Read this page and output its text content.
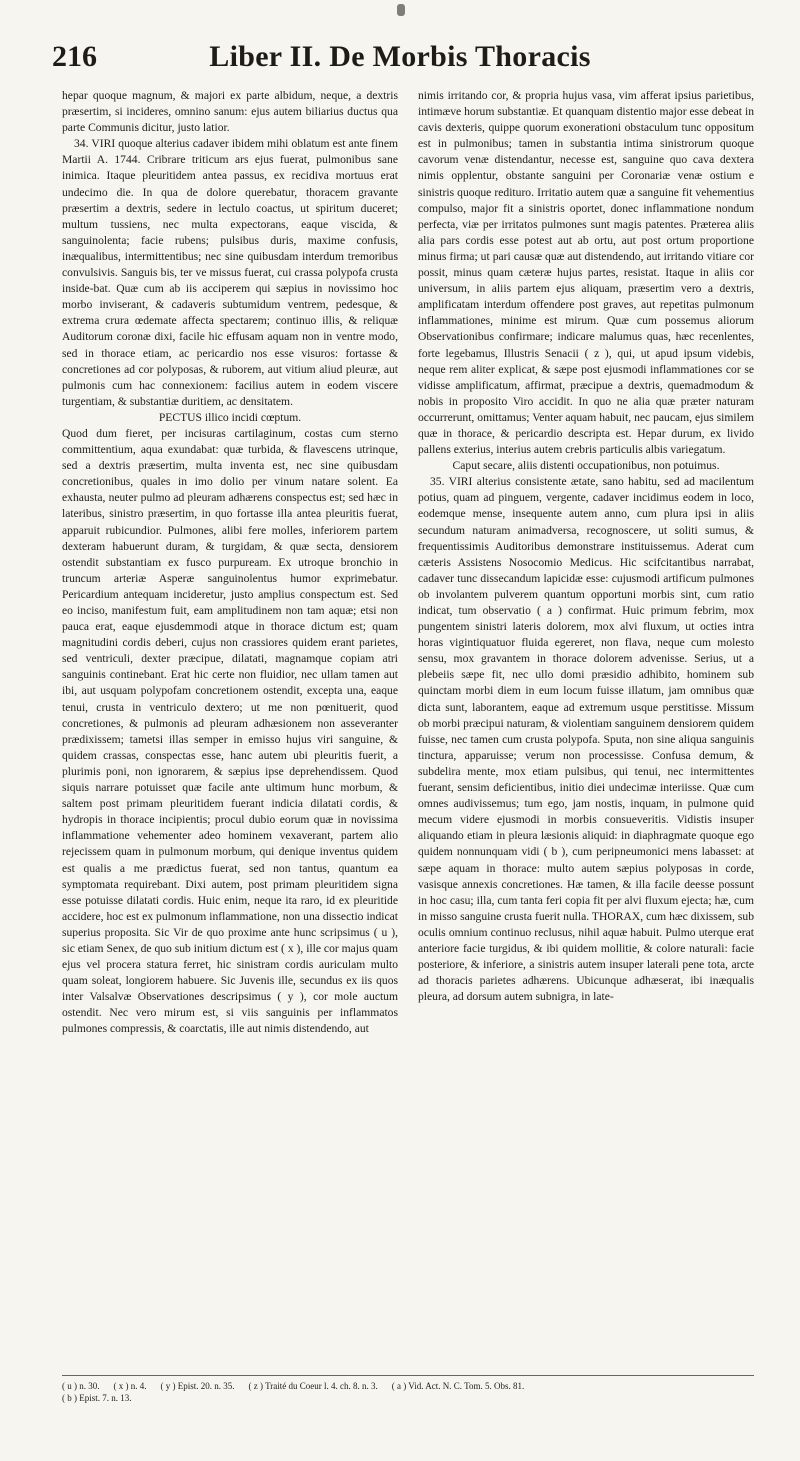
216	Liber II. De Morbis Thoracis

hepar quoque magnum, & majori ex parte albidum, neque, a dextris præsertim, si incideres, omnino sanum: ejus autem biliarius ductus qua parte Communis dicitur, justo latior.

34. VIRI quoque alterius cadaver ibidem mihi oblatum est ante finem Martii A. 1744. Cribrare triticum ars ejus fuerat, pulmonibus sane inimica. Itaque pleuritidem antea passus, ex recidiva mortuus erat undecimo die. In qua de dolore querebatur, thoracem gravante præsertim a dextris, sedere in lectulo coactus, ut spiritum duceret; multum tussiens, nec multa expectorans, eaque viscida, & sanguinolenta; facie rubens; pulsibus duris, maxime confusis, inæqualibus, intermittentibus; nec sine quibusdam interdum tremoribus convulsivis. Sanguis bis, ter ve missus fuerat, cui crassa polypofa crusta inside-bat. Quæ cum ab iis acciperem qui sæpius in novissimo hoc morbo inviserant, & cadaveris subtumidum ventrem, pedesque, & extrema crura œdemate affecta spectarem; continuo illis, & reliquæ Auditorum coronæ dixi, facile hic effusam aquam non in ventre modo, sed in thorace etiam, ac pericardio nos esse visuros: fortasse & concretiones ad cor polyposas, & ruborem, aut vitium aliud pleuræ, aut pulmonis cum hac connexionem: facilius autem in eodem viscere turgentiam, & substantiæ duritiem, ac densitatem.

PECTUS illico incidi cœptum.

Quod dum fieret, per incisuras cartilaginum, costas cum sterno committentium, aqua exundabat: quæ turbida, & flavescens utrinque, sed a dextris præsertim, multa inventa est, nec sine quibusdam concretionibus, quales in imo dolio per vinum natare solent. Ea exhausta, neuter pulmo ad pleuram adhærens conspectus est; sed hæc in lateribus, sinistro præsertim, in quo fortasse illa antea pleuritis fuerat, apparuit rubicundior. Pulmones, alibi fere molles, inferiorem partem dexteram habuerunt duram, & turgidam, & quæ secta, densiorem ostendit substantiam ex fusco purpuream. Ex utroque bronchio in truncum arteriæ Asperæ sanguinolentus humor exprimebatur. Pericardium antequam incideretur, justo amplius conspectum est. Sed eo inciso, manifestum fuit, eam amplitudinem non tam aquæ; etsi non pauca erat, eaque ejusdemmodi atque in thorace dictum est; quam magnitudini cordis deberi, cujus non crassiores quidem erant parietes, sed ventriculi, dexter præcipue, dilatati, magnamque copiam atri sanguinis continebant. Erat hic certe non fluidior, nec ullam tamen aut ibi, aut usquam polypofam concretionem ostendit, excepta una, eaque tenui, crusta in ventriculo dextero; ut me non pœnituerit, quod concretiones, & pulmonis ad pleuram adhæsionem non asseveranter prædixissem; tametsi illas semper in emisso hujus viri sanguine, & quidem crassas, conspectas esse, hanc autem ubi pleuritis fuerit, a plurimis poni, non ignorarem, & sæpius ipse deprehendissem. Quod siquis narrare potuisset quæ facile ante ultimum hunc morbum, & saltem post primam pleuritidem fuerant indicia dilatati cordis, & hydropis in thorace incipientis; procul dubio eorum quæ in novissima inflammatione vehementer adeo hominem vexaverant, partem alio rejecissem quam in pulmonum morbum, qui denique inventus quidem est qualis a me prædictus fuerat, sed non tantus, quantum ea symptomata requirebant. Dixi autem, post primam pleuritidem signa esse potuisse dilatati cordis. Huic enim, neque ita raro, id ex pleuritide accidere, hoc est ex pulmonum inflammatione, non una dissectio indicat superius proposita. Sic Vir de quo proxime ante hunc scripsimus ( u ), sic etiam Senex, de quo sub initium dictum est ( x ), ille cor majus quam ejus vel procera statura ferret, hic sinistram cordis auriculam multo quam soleat, longiorem habuere. Sic Juvenis ille, secundus ex iis quos inter Valsalvæ Observationes descripsimus ( y ), cor mole auctum ostendit. Nec vero mirum est, si viis sanguinis per inflammatos pulmones compressis, & coarctatis, ille aut nimis distendendo, aut

nimis irritando cor, & propria hujus vasa, vim afferat ipsius parietibus, intimæve horum substantiæ. Et quanquam distentio major esse debeat in cavis dexteris, quippe quorum exonerationi obstaculum tunc oppositum est in pulmonibus; tamen in substantia intima sinistrorum quoque cavorum venæ distendantur, necesse est, sanguine quo cava dextera nimis opplentur, obstante sanguini per Coronariæ venæ ostium e sinistris quoque redituro. Irritatio autem quæ a sanguine fit vehementius compulso, major fit a sinistris oportet, donec inflammatione nondum perfecta, viæ per irritatos pulmones sunt magis patentes. Præterea aliis alia pars cordis esse potest aut ab ortu, aut post ortum proportione minus firma; ut pari causæ quæ aut distendendo, aut irritando vitiare cor possit, minus quam cæteræ hujus partes, resistat. Itaque in aliis cor universum, in aliis partem ejus aliquam, præsertim vero a dextris, amplificatam interdum offendere post graves, aut repetitas pulmonum inflammationes, minime est mirum. Quæ cum possemus aliorum Observationibus confirmare; indicare malumus quas, hæc recenlentes, forte legebamus, Illustris Senacii ( z ), qui, ut apud ipsum videbis, neque rem aliter explicat, & sæpe post ejusmodi inflammationes cor se vidisse amplificatum, affirmat, præcipue a dextris, quemadmodum & nobis in proposito Viro accidit. In quo ne alia quæ præter naturam occurrerunt, omittamus; Venter aquam habuit, nec paucam, ejus similem quæ in thorace, & pericardio descripta est. Hepar durum, ex livido pallens exterius, interius autem crebris particulis albis variegatum.

Caput secare, aliis distenti occupationibus, non potuimus.

35. VIRI alterius consistente ætate, sano habitu, sed ad macilentum potius, quam ad pinguem, vergente, cadaver incidimus eodem in loco, eodemque mense, insequente autem anno, cum plura ipsi in aliis secundum naturam animadversa, recognoscere, ut soliti sumus, & frequentissimis Auditoribus demonstrare instituissemus. Aderat cum cæteris Assistens Nosocomio Medicus. Hic scifcitantibus narrabat, cadaver tunc dissecandum lapicidæ esse: cujusmodi artificum pulmones ob involantem pulverem quantum opportuni morbis sint, cum ratio indicat, tum observatio ( a ) confirmat. Huic primum febrim, mox pungentem sinistri lateris dolorem, mox alvi fluxum, ut octies intra horas vigintiquatuor fluida egereret, non flava, neque cum molesto sensu, mox gravantem in thorace dolorem advenisse. Serius, ut a plebeiis sæpe fit, nec ullo domi præsidio adhibito, hominem sub quinctam morbi diem in eum locum fuisse illatum, jam omnibus quæ dicta sunt, laborantem, eaque ad extremum usque perstitisse. Missum ob morbi præcipui naturam, & violentiam sanguinem densiorem quidem fuisse, nec tamen cum crusta polypofa. Sputa, non sine aliqua sanguinis tinctura, apparuisse; verum non processisse. Confusa demum, & subdelira mente, mox etiam pulsibus, qui tenui, nec intermittentes fuerant, sensim deficientibus, initio diei undecimæ interiisse. Quæ cum omnes audivissemus; tum ego, jam nostis, inquam, in pulmone quid mecum videre ejusmodi in morbis consueveritis. Vidistis insuper aliquando etiam in pleura læsionis aliquid: in diaphragmate quoque ego quidem nonnunquam vidi ( b ), cum peripneumonici mens labasset: at sæpe aquam in thorace: multo autem sæpius polyposas in corde, vasisque annexis concretiones. Hæ tamen, & illa facile deesse possunt in hoc casu; illa, cum tanta feri copia fit per alvi fluxum ejecta; hæ, cum in misso sanguine crusta fuerit nulla. THORAX, cum hæc dixissem, sub oculis omnium continuo reclusus, nihil aquæ habuit. Pulmo uterque erat anteriore facie turgidus, & ibi quidem mollitie, & colore naturali: facie posteriore, & inferiore, a sinistris autem insuper laterali pene tota, arcte ad thoracis parietes adhærens. Ubicunque adhæserat, ibi inæqualis pleura, ad dorsum autem subnigra, in late-

( u ) n. 30. ( x ) n. 4. ( y ) Epist. 20. n. 35. ( z ) Traité du Coeur l. 4. ch. 8. n. 3. ( a ) Vid. Act. N. C. Tom. 5. Obs. 81.
( b ) Epist. 7. n. 13.
